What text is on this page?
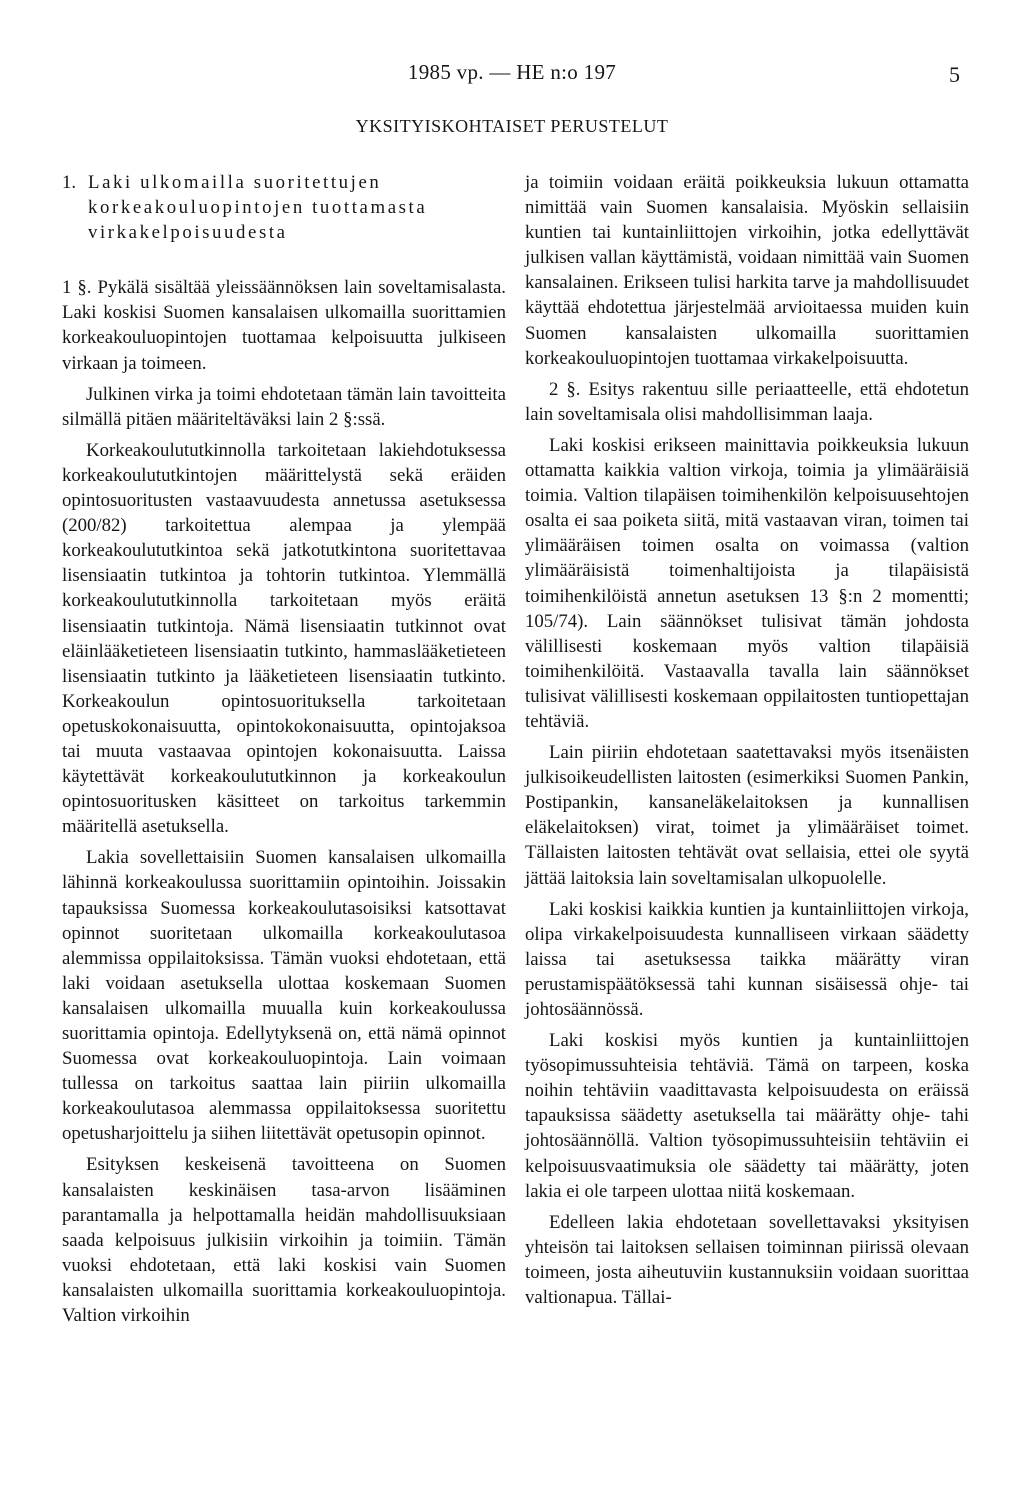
1985 vp. — HE n:o 197	5
YKSITYISKOHTAISET PERUSTELUT
1. Laki ulkomailla suoritettujen korkeakouluopintojen tuottamasta virkakelpoisuudesta

1 §. Pykälä sisältää yleissäännöksen lain soveltamisalasta. Laki koskisi Suomen kansalaisen ulkomailla suorittamien korkeakouluopintojen tuottamaa kelpoisuutta julkiseen virkaan ja toimeen.

Julkinen virka ja toimi ehdotetaan tämän lain tavoitteita silmällä pitäen määriteltäväksi lain 2 §:ssä.

Korkeakoulututkinnolla tarkoitetaan lakiehdotuksessa korkeakoulututkintojen määrittelystä sekä eräiden opintosuoritusten vastaavuudesta annetussa asetuksessa (200/82) tarkoitettua alempaa ja ylempää korkeakoulututkintoa sekä jatkotutkintona suoritettavaa lisensiaatin tutkintoa ja tohtorin tutkintoa. Ylemmällä korkeakoulututkinnolla tarkoitetaan myös eräitä lisensiaatin tutkintoja. Nämä lisensiaatin tutkinnot ovat eläinlääketieteen lisensiaatin tutkinto, hammaslääketieteen lisensiaatin tutkinto ja lääketieteen lisensiaatin tutkinto. Korkeakoulun opintosuorituksella tarkoitetaan opetuskokonaisuutta, opintokokonaisuutta, opintojaksoa tai muuta vastaavaa opintojen kokonaisuutta. Laissa käytettävät korkeakoulututkinnon ja korkeakoulun opintosuoritusken käsitteet on tarkoitus tarkemmin määritellä asetuksella.

Lakia sovellettaisiin Suomen kansalaisen ulkomailla lähinnä korkeakoulussa suorittamiin opintoihin. Joissakin tapauksissa Suomessa korkeakoulutasoisiksi katsottavat opinnot suoritetaan ulkomailla korkeakoulutasoa alemmissa oppilaitoksissa. Tämän vuoksi ehdotetaan, että laki voidaan asetuksella ulottaa koskemaan Suomen kansalaisen ulkomailla muualla kuin korkeakoulussa suorittamia opintoja. Edellytyksenä on, että nämä opinnot Suomessa ovat korkeakouluopintoja. Lain voimaan tullessa on tarkoitus saattaa lain piiriin ulkomailla korkeakoulutasoa alemmassa oppilaitoksessa suoritettu opetusharjoittelu ja siihen liitettävät opetusopin opinnot.

Esityksen keskeisenä tavoitteena on Suomen kansalaisten keskinäisen tasa-arvon lisääminen parantamalla ja helpottamalla heidän mahdollisuuksiaan saada kelpoisuus julkisiin virkoihin ja toimiin. Tämän vuoksi ehdotetaan, että laki koskisi vain Suomen kansalaisten ulkomailla suorittamia korkeakouluopintoja. Valtion virkoihin

ja toimiin voidaan eräitä poikkeuksia lukuun ottamatta nimittää vain Suomen kansalaisia. Myöskin sellaisiin kuntien tai kuntainliittojen virkoihin, jotka edellyttävät julkisen vallan käyttämistä, voidaan nimittää vain Suomen kansalainen. Erikseen tulisi harkita tarve ja mahdollisuudet käyttää ehdotettua järjestelmää arvioitaessa muiden kuin Suomen kansalaisten ulkomailla suorittamien korkeakouluopintojen tuottamaa virkakelpoisuutta.

2 §. Esitys rakentuu sille periaatteelle, että ehdotetun lain soveltamisala olisi mahdollisimman laaja.

Laki koskisi erikseen mainittavia poikkeuksia lukuun ottamatta kaikkia valtion virkoja, toimia ja ylimääräisiä toimia. Valtion tilapäisen toimihenkilön kelpoisuusehtojen osalta ei saa poiketa siitä, mitä vastaavan viran, toimen tai ylimääräisen toimen osalta on voimassa (valtion ylimääräisistä toimenhaltijoista ja tilapäisistä toimihenkilöistä annetun asetuksen 13 §:n 2 momentti; 105/74). Lain säännökset tulisivat tämän johdosta välillisesti koskemaan myös valtion tilapäisiä toimihenkilöitä. Vastaavalla tavalla lain säännökset tulisivat välillisesti koskemaan oppilaitosten tuntiopettajan tehtäviä.

Lain piiriin ehdotetaan saatettavaksi myös itsenäisten julkisoikeudellisten laitosten (esimerkiksi Suomen Pankin, Postipankin, kansaneläkelaitoksen ja kunnallisen eläkelaitoksen) virat, toimet ja ylimääräiset toimet. Tällaisten laitosten tehtävät ovat sellaisia, ettei ole syytä jättää laitoksia lain soveltamisalan ulkopuolelle.

Laki koskisi kaikkia kuntien ja kuntainliittojen virkoja, olipa virkakelpoisuudesta kunnalliseen virkaan säädetty laissa tai asetuksessa taikka määrätty viran perustamispäätöksessä tahi kunnan sisäisessä ohje- tai johtosäännössä.

Laki koskisi myös kuntien ja kuntainliittojen työsopimussuhteisia tehtäviä. Tämä on tarpeen, koska noihin tehtäviin vaadittavasta kelpoisuudesta on eräissä tapauksissa säädetty asetuksella tai määrätty ohje- tahi johtosäännöllä. Valtion työsopimussuhteisiin tehtäviin ei kelpoisuusvaatimuksia ole säädetty tai määrätty, joten lakia ei ole tarpeen ulottaa niitä koskemaan.

Edelleen lakia ehdotetaan sovellettavaksi yksityisen yhteisön tai laitoksen sellaisen toiminnan piirissä olevaan toimeen, josta aiheutuviin kustannuksiin voidaan suorittaa valtionapua. Tällai-
